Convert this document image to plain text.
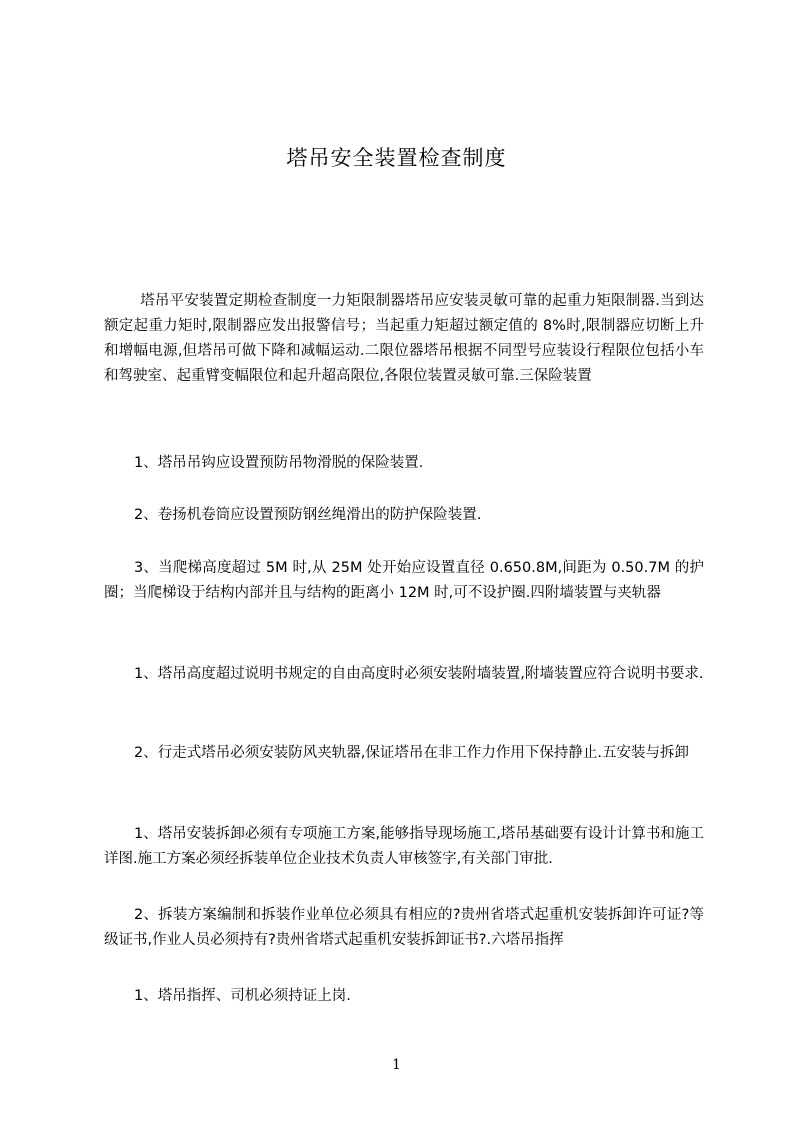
塔吊安全装置检查制度

塔吊平安装置定期检查制度一力矩限制器塔吊应安装灵敏可靠的起重力矩限制器.当到达额定起重力矩时,限制器应发出报警信号；当起重力矩超过额定值的 8%时,限制器应切断上升和增幅电源,但塔吊可做下降和减幅运动.二限位器塔吊根据不同型号应装设行程限位包括小车和驾驶室、起重臂变幅限位和起升超高限位,各限位装置灵敏可靠.三保险装置

1、塔吊吊钩应设置预防吊物滑脱的保险装置.

2、卷扬机卷筒应设置预防钢丝绳滑出的防护保险装置.

3、当爬梯高度超过 5M 时,从 25M 处开始应设置直径 0.650.8M,间距为 0.50.7M 的护圈；当爬梯设于结构内部并且与结构的距离小 12M 时,可不设护圈.四附墙装置与夹轨器

1、塔吊高度超过说明书规定的自由高度时必须安装附墙装置,附墙装置应符合说明书要求.

2、行走式塔吊必须安装防风夹轨器,保证塔吊在非工作力作用下保持静止.五安装与拆卸

1、塔吊安装拆卸必须有专项施工方案,能够指导现场施工,塔吊基础要有设计计算书和施工详图.施工方案必须经拆装单位企业技术负责人审核签字,有关部门审批.

2、拆装方案编制和拆装作业单位必须具有相应的?贵州省塔式起重机安装拆卸许可证?等级证书,作业人员必须持有?贵州省塔式起重机安装拆卸证书?.六塔吊指挥

1、塔吊指挥、司机必须持证上岗.

1
